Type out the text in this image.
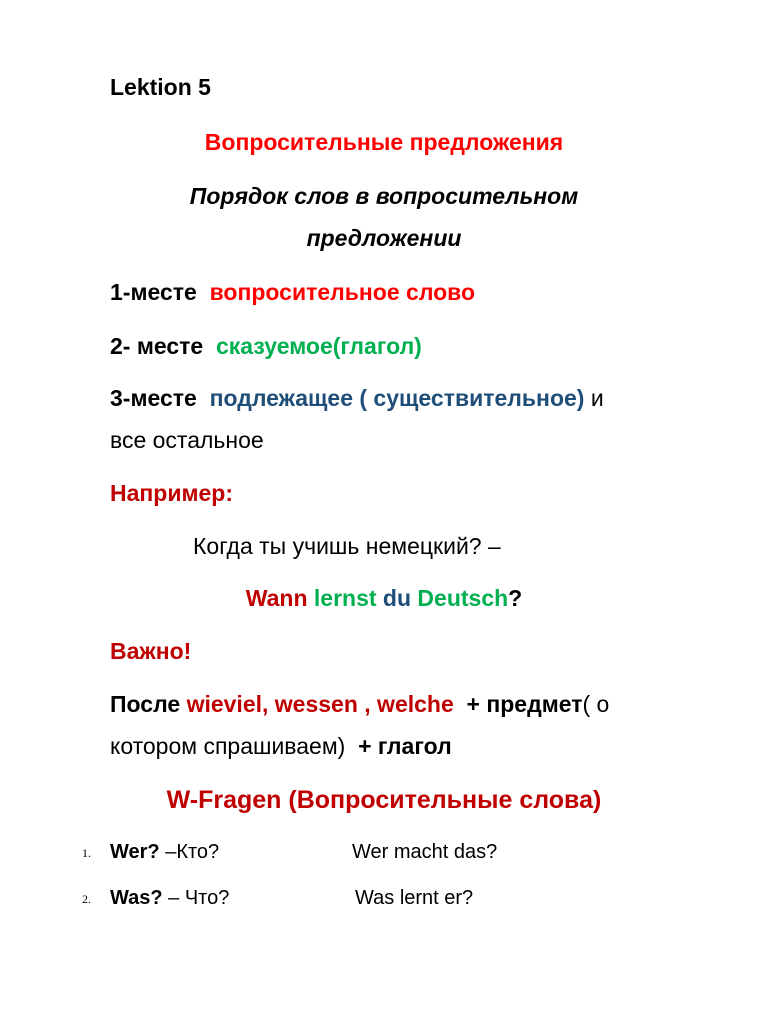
Lektion 5
Вопросительные предложения
Порядок слов в вопросительном
предложении
1-месте вопросительное слово
2- месте сказуемое(глагол)
3-месте подлежащее ( существительное) и
все остальное
Например:
Когда ты учишь немецкий? –
Wann lernst du Deutsch?
Важно!
После wieviel, wessen , welche + предмет( о
котором спрашиваем) + глагол
W-Fragen (Вопросительные слова)
1. Wer? –Кто?	Wer macht das?
2. Was? – Что?	Was lernt er?
